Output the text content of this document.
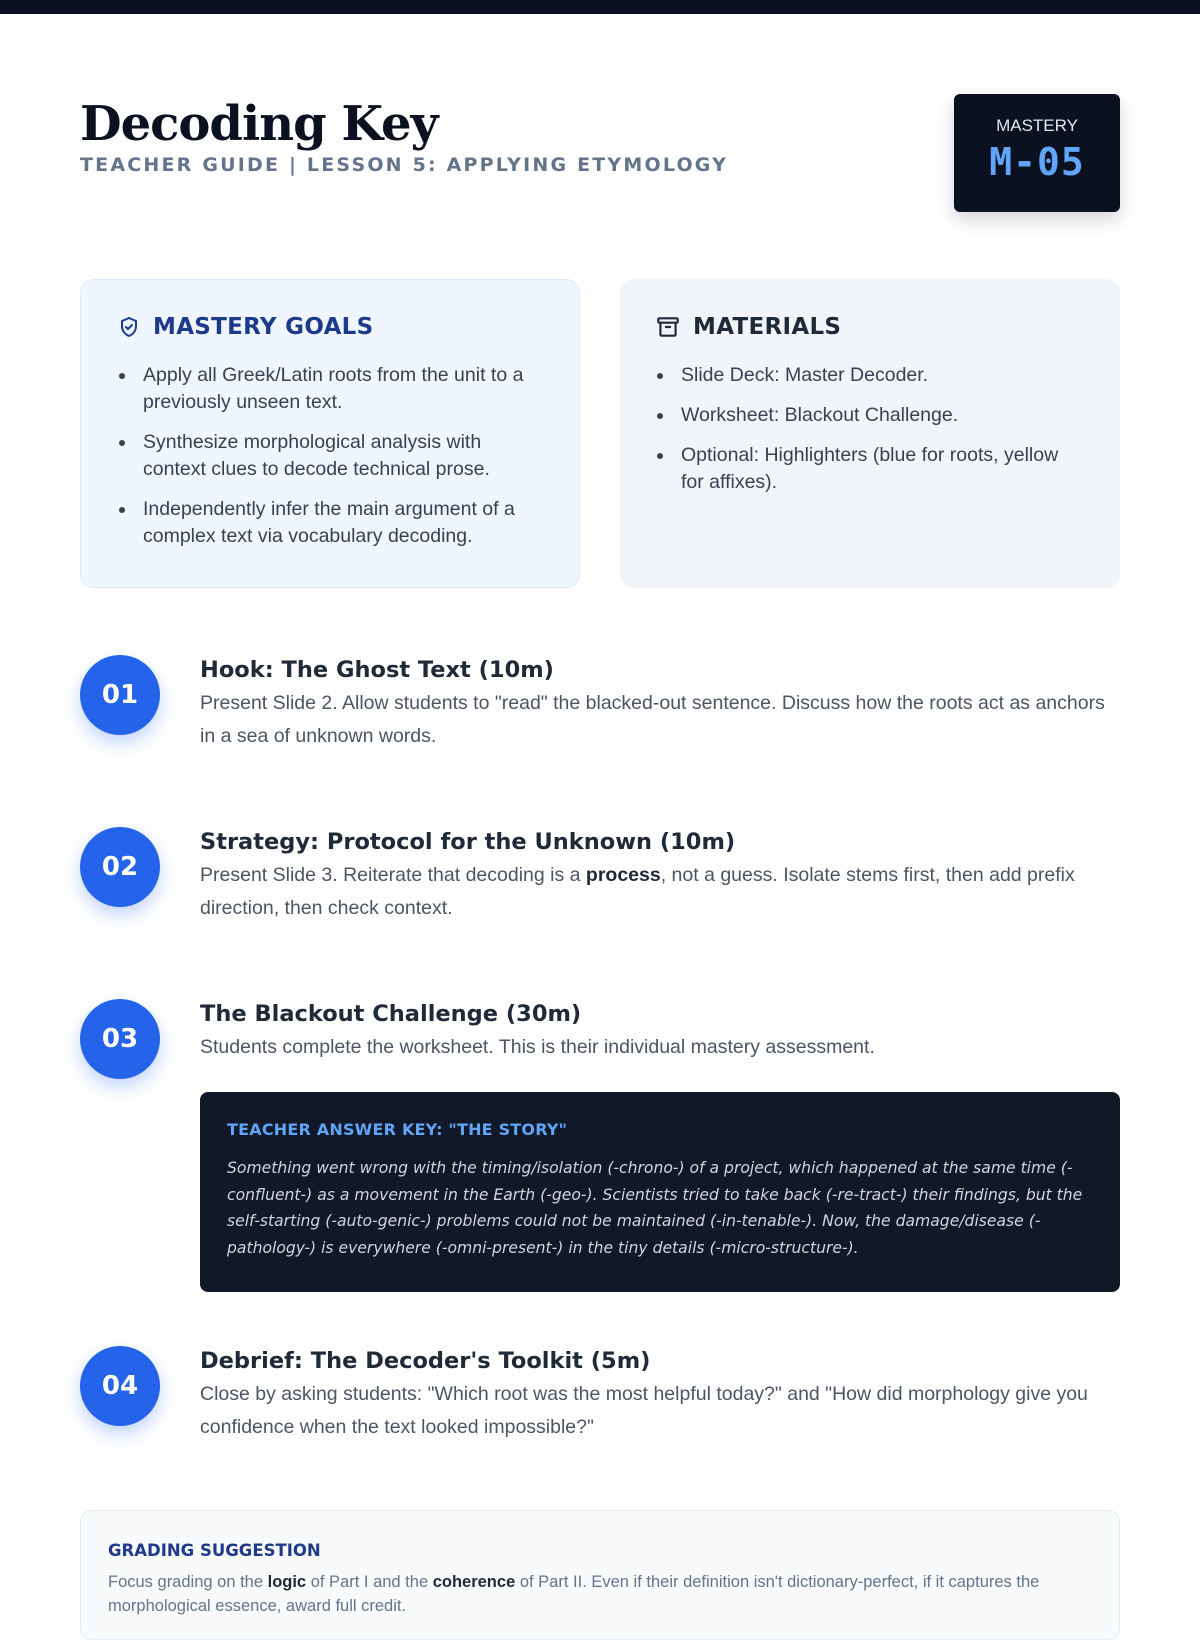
Decoding Key
TEACHER GUIDE | LESSON 5: APPLYING ETYMOLOGY
MASTERY
M-05
MASTERY GOALS
Apply all Greek/Latin roots from the unit to a previously unseen text.
Synthesize morphological analysis with context clues to decode technical prose.
Independently infer the main argument of a complex text via vocabulary decoding.
MATERIALS
Slide Deck: Master Decoder.
Worksheet: Blackout Challenge.
Optional: Highlighters (blue for roots, yellow for affixes).
01
Hook: The Ghost Text (10m)
Present Slide 2. Allow students to "read" the blacked-out sentence. Discuss how the roots act as anchors in a sea of unknown words.
02
Strategy: Protocol for the Unknown (10m)
Present Slide 3. Reiterate that decoding is a process, not a guess. Isolate stems first, then add prefix direction, then check context.
03
The Blackout Challenge (30m)
Students complete the worksheet. This is their individual mastery assessment.
TEACHER ANSWER KEY: "THE STORY"
Something went wrong with the timing/isolation (-chrono-) of a project, which happened at the same time (-confluent-) as a movement in the Earth (-geo-). Scientists tried to take back (-re-tract-) their findings, but the self-starting (-auto-genic-) problems could not be maintained (-in-tenable-). Now, the damage/disease (-pathology-) is everywhere (-omni-present-) in the tiny details (-micro-structure-).
04
Debrief: The Decoder's Toolkit (5m)
Close by asking students: "Which root was the most helpful today?" and "How did morphology give you confidence when the text looked impossible?"
GRADING SUGGESTION
Focus grading on the logic of Part I and the coherence of Part II. Even if their definition isn't dictionary-perfect, if it captures the morphological essence, award full credit.
